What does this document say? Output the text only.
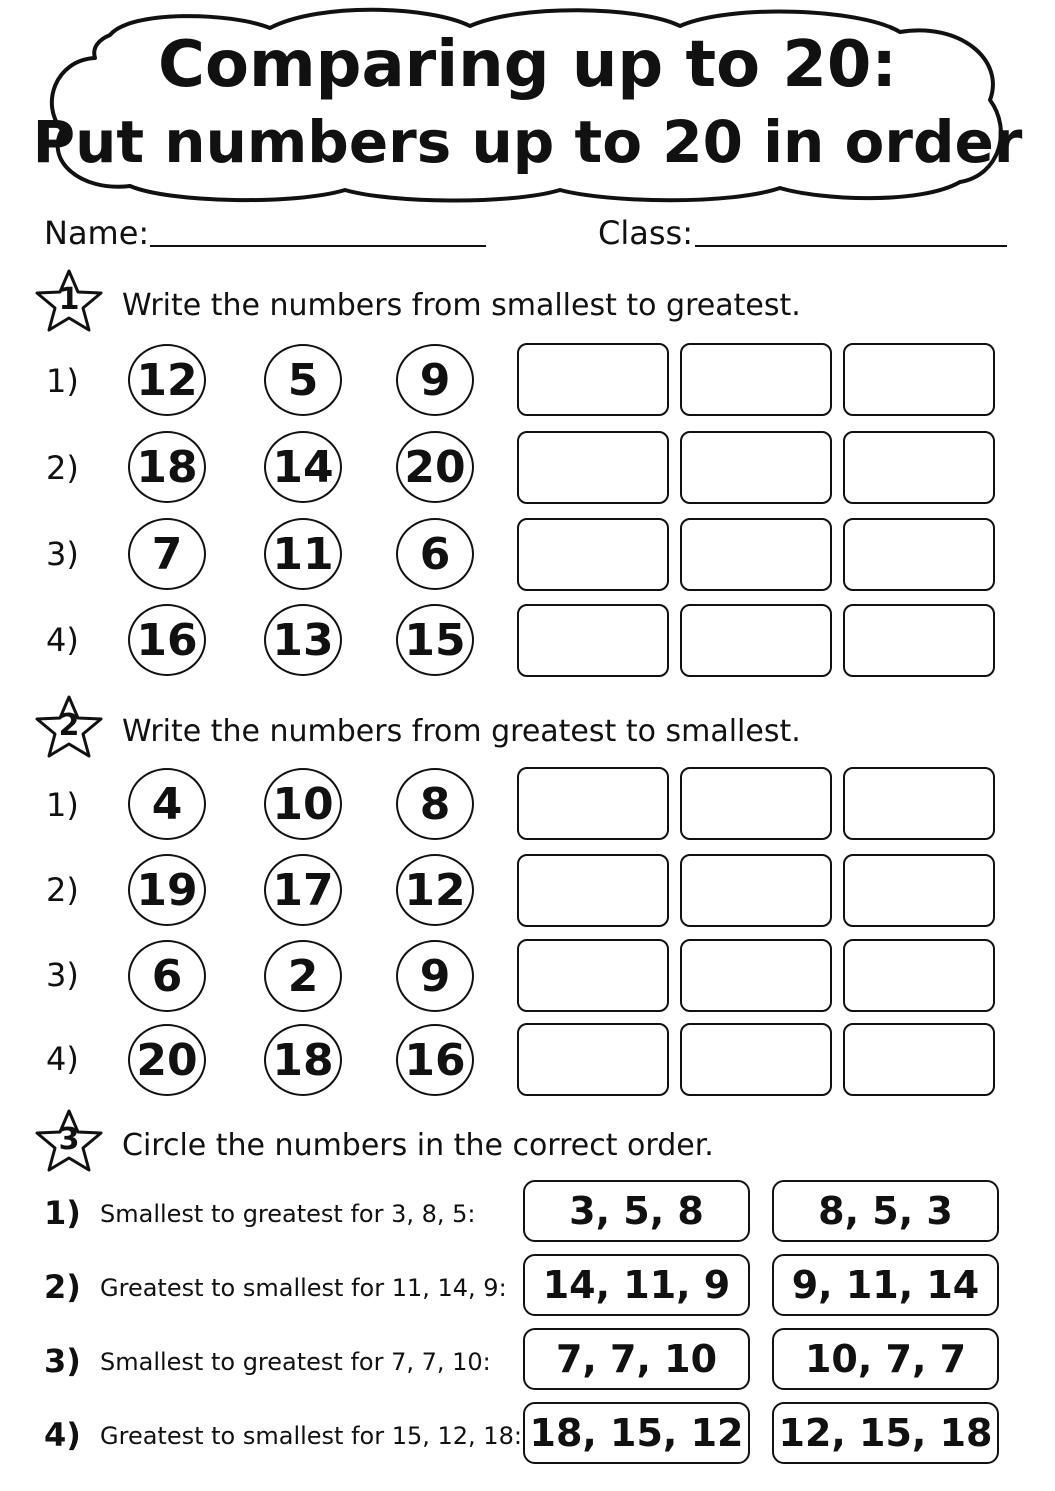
Comparing up to 20:
Put numbers up to 20 in order
Name:	Class:
1	Write the numbers from smallest to greatest.
1)	12	5	9
2)	18 14 20
3)	7	11	6
4)	16 13 15
2	Write the numbers from greatest to smallest.
1)	4	10	8
2)	19 17 12
3)	6	2	9
4)	20 18 16
3	Circle the numbers in the correct order.
1) Smallest to greatest for 3, 8, 5:	3, 5, 8	8, 5, 3
2) Greatest to smallest for 11, 14, 9: 14, 11, 9	9, 11, 14
3) Smallest to greatest for 7, 7, 10:	7, 7, 10	10, 7, 7
4) Greatest to smallest for 15, 12, 18: 18, 15, 12 12, 15, 18
